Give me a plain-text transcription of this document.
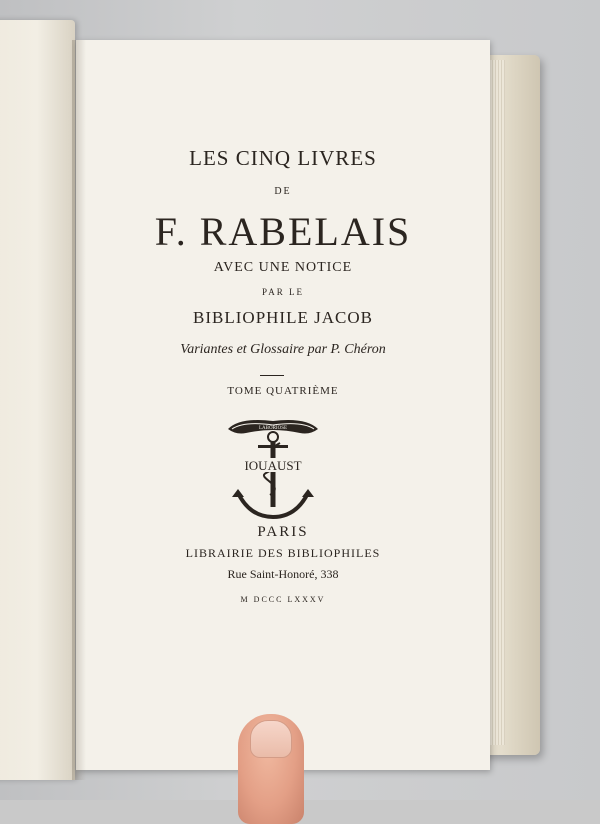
LES CINQ LIVRES
DE
F. RABELAIS
AVEC UNE NOTICE
PAR LE
BIBLIOPHILE JACOB
Variantes et Glossaire par P. Chéron
TOME QUATRIÈME
LABORIOSE
IOUAUST
PARIS
LIBRAIRIE DES BIBLIOPHILES
Rue Saint-Honoré, 338
M DCCC LXXXV
